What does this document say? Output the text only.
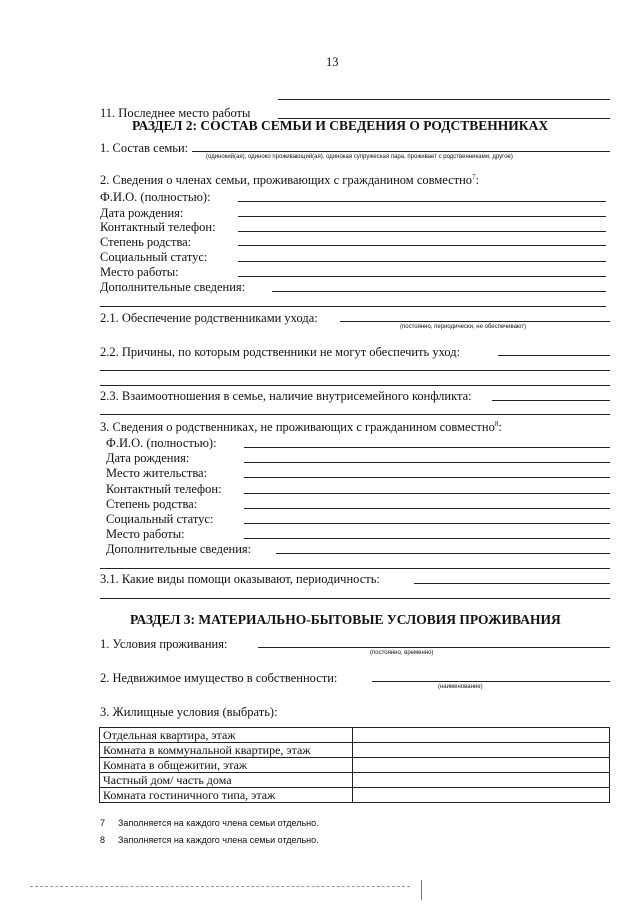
13
11. Последнее место работы
РАЗДЕЛ 2: СОСТАВ СЕМЬИ И СВЕДЕНИЯ О РОДСТВЕННИКАХ
1. Состав семьи:
(одинокий(ая), одиноко проживающий(ая), одинокая супружеская пара, проживает с родственниками, другое)
2. Сведения о членах семьи, проживающих с гражданином совместно$^7$:
Ф.И.О. (полностью):
Дата рождения:
Контактный телефон:
Степень родства:
Социальный статус:
Место работы:
Дополнительные сведения:
2.1. Обеспечение родственниками ухода:
(постоянно, периодически, не обеспечивают)
2.2. Причины, по которым родственники не могут обеспечить уход:
2.3. Взаимоотношения в семье, наличие внутрисемейного конфликта:
3. Сведения о родственниках, не проживающих с гражданином совместно$^8$:
Ф.И.О. (полностью):
Дата рождения:
Место жительства:
Контактный телефон:
Степень родства:
Социальный статус:
Место работы:
Дополнительные сведения:
3.1. Какие виды помощи оказывают, периодичность:
РАЗДЕЛ 3: МАТЕРИАЛЬНО-БЫТОВЫЕ УСЛОВИЯ ПРОЖИВАНИЯ
1. Условия проживания:
(постоянно, временно)
2. Недвижимое имущество в собственности:
(наименование)
3. Жилищные условия (выбрать):
Отдельная квартира, этаж	
Комната в коммунальной квартире, этаж	
Комната в общежитии, этаж	
Частный дом/ часть дома	
Комната гостиничного типа, этаж	
7 Заполняется на каждого члена семьи отдельно.
8 Заполняется на каждого члена семьи отдельно.
